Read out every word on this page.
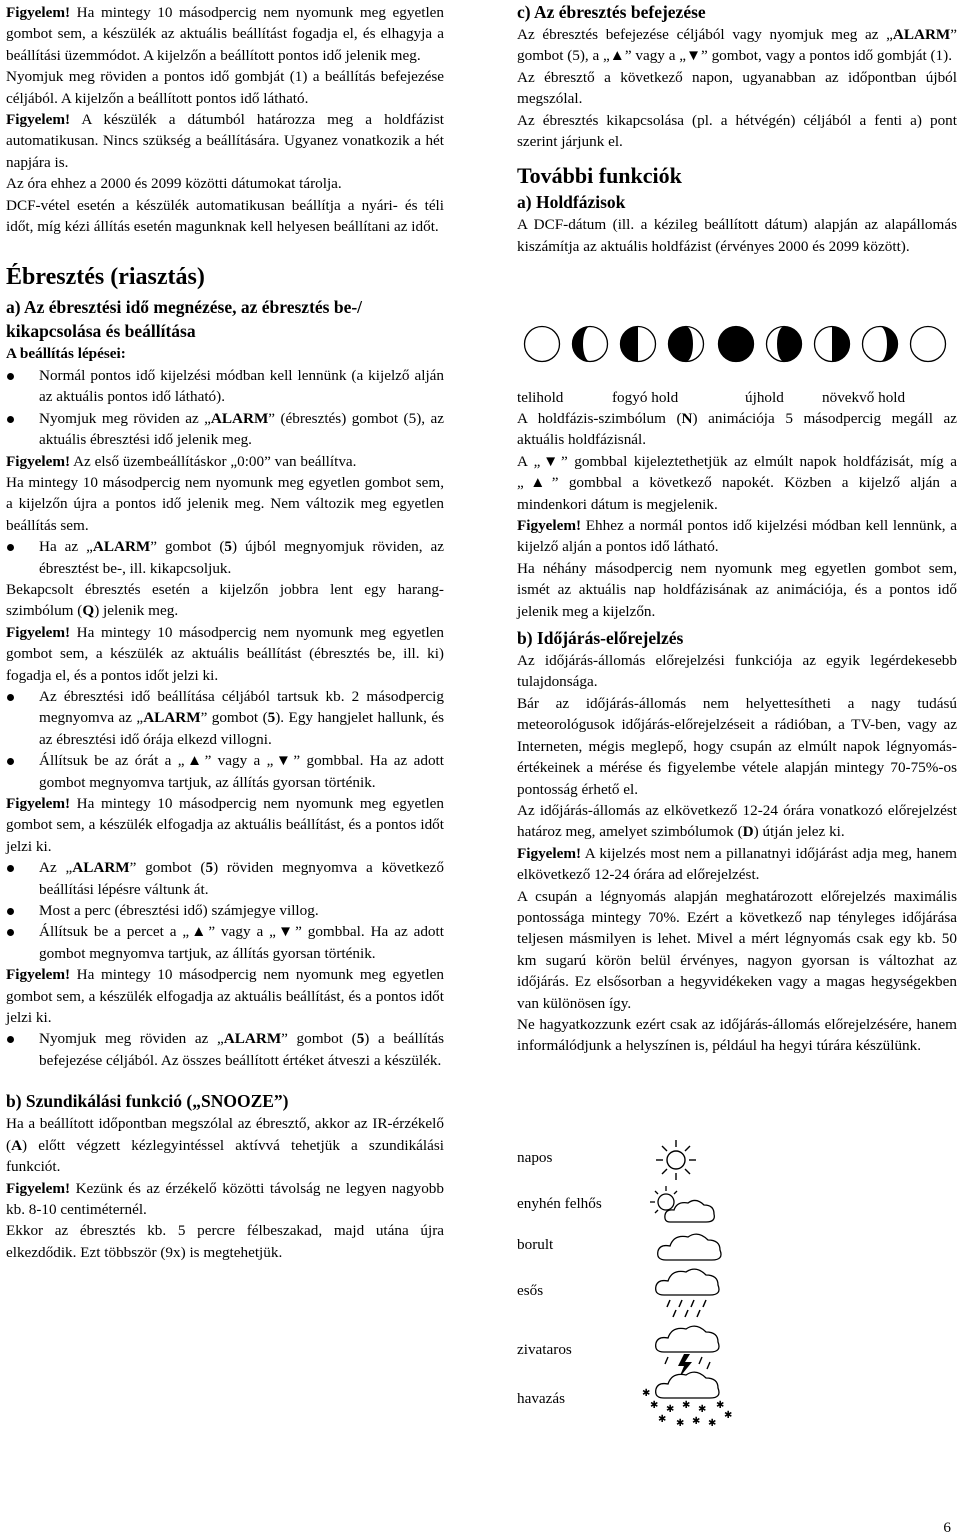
Figyelem! Ha mintegy 10 másodpercig nem nyomunk meg egyetlen gombot sem, a készülék az aktuális beállítást fogadja el, és elhagyja a beállítási üzemmódot. A kijelzőn a beállított pontos idő jelenik meg.

Nyomjuk meg röviden a pontos idő gombját (1) a beállítás befejezése céljából. A kijelzőn a beállított pontos idő látható.

Figyelem! A készülék a dátumból határozza meg a holdfázist automatikusan. Nincs szükség a beállítására. Ugyanez vonatkozik a hét napjára is.

Az óra ehhez a 2000 és 2099 közötti dátumokat tárolja.

DCF-vétel esetén a készülék automatikusan beállítja a nyári- és téli időt, míg kézi állítás esetén magunknak kell helyesen beállítani az időt.

Ébresztés (riasztás)
a) Az ébresztési idő megnézése, az ébresztés be-/ kikapcsolása és beállítása

A beállítás lépései:

Normál pontos idő kijelzési módban kell lennünk (a kijelző alján az aktuális pontos idő látható).
Nyomjuk meg röviden az „ALARM” (ébresztés) gombot (5), az aktuális ébresztési idő jelenik meg.

Figyelem! Az első üzembeállításkor „0:00” van beállítva.

Ha mintegy 10 másodpercig nem nyomunk meg egyetlen gombot sem, a kijelzőn újra a pontos idő jelenik meg. Nem változik meg egyetlen beállítás sem.

Ha az „ALARM” gombot (5) újból megnyomjuk röviden, az ébresztést be-, ill. kikapcsoljuk.

Bekapcsolt ébresztés esetén a kijelzőn jobbra lent egy harang-szimbólum (Q) jelenik meg.

Figyelem! Ha mintegy 10 másodpercig nem nyomunk meg egyetlen gombot sem, a készülék az aktuális beállítást (ébresztés be, ill. ki) fogadja el, és a pontos időt jelzi ki.

Az ébresztési idő beállítása céljából tartsuk kb. 2 másodpercig megnyomva az „ALARM” gombot (5). Egy hangjelet hallunk, és az ébresztési idő órája elkezd villogni.
Állítsuk be az órát a „▲” vagy a „▼” gombbal. Ha az adott gombot megnyomva tartjuk, az állítás gyorsan történik.

Figyelem! Ha mintegy 10 másodpercig nem nyomunk meg egyetlen gombot sem, a készülék elfogadja az aktuális beállítást, és a pontos időt jelzi ki.

Az „ALARM” gombot (5) röviden megnyomva a következő beállítási lépésre váltunk át.
Most a perc (ébresztési idő) számjegye villog.
Állítsuk be a percet a „▲” vagy a „▼” gombbal. Ha az adott gombot megnyomva tartjuk, az állítás gyorsan történik.

Figyelem! Ha mintegy 10 másodpercig nem nyomunk meg egyetlen gombot sem, a készülék elfogadja az aktuális beállítást, és a pontos időt jelzi ki.

Nyomjuk meg röviden az „ALARM” gombot (5) a beállítás befejezése céljából. Az összes beállított értéket átveszi a készülék.
b) Szundikálási funkció („SNOOZE”)

Ha a beállított időpontban megszólal az ébresztő, akkor az IR-érzékelő (A) előtt végzett kézlegyintéssel aktívvá tehetjük a szundikálási funkciót.

Figyelem! Kezünk és az érzékelő közötti távolság ne legyen nagyobb kb. 8-10 centiméternél.

Ekkor az ébresztés kb. 5 percre félbeszakad, majd utána újra elkezdődik. Ezt többször (9x) is megtehetjük.

c) Az ébresztés befejezése

Az ébresztés befejezése céljából vagy nyomjuk meg az „ALARM” gombot (5), a „▲” vagy a „▼” gombot, vagy a pontos idő gombját (1).

Az ébresztő a következő napon, ugyanabban az időpontban újból megszólal.

Az ébresztés kikapcsolása (pl. a hétvégén) céljából a fenti a) pont szerint járjunk el.

További funkciók
a) Holdfázisok

A DCF-dátum (ill. a kézileg beállított dátum) alapján az alapállomás kiszámítja az aktuális holdfázist (érvényes 2000 és 2099 között).

telihold	fogyó hold	újhold	növekvő hold

A holdfázis-szimbólum (N) animációja 5 másodpercig megáll az aktuális holdfázisnál.

A „▼” gombbal kijeleztethetjük az elmúlt napok holdfázisát, míg a „▲” gombbal a következő napokét. Közben a kijelző alján a mindenkori dátum is megjelenik.

Figyelem! Ehhez a normál pontos idő kijelzési módban kell lennünk, a kijelző alján a pontos idő látható.

Ha néhány másodpercig nem nyomunk meg egyetlen gombot sem, ismét az aktuális nap holdfázisának az animációja, és a pontos idő jelenik meg a kijelzőn.

b) Időjárás-előrejelzés

Az időjárás-állomás előrejelzési funkciója az egyik legérdekesebb tulajdonsága.

Bár az időjárás-állomás nem helyettesítheti a nagy tudású meteorológusok időjárás-előrejelzéseit a rádióban, a TV-ben, vagy az Interneten, mégis meglepő, hogy csupán az elmúlt napok légnyomás-értékeinek a mérése és figyelembe vétele alapján mintegy 70-75%-os pontosság érhető el.

Az időjárás-állomás az elkövetkező 12-24 órára vonatkozó előrejelzést határoz meg, amelyet szimbólumok (D) útján jelez ki.

Figyelem! A kijelzés most nem a pillanatnyi időjárást adja meg, hanem elkövetkező 12-24 órára ad előrejelzést.

A csupán a légnyomás alapján meghatározott előrejelzés maximális pontossága mintegy 70%. Ezért a következő nap tényleges időjárása teljesen másmilyen is lehet. Mivel a mért légnyomás csak egy kb. 50 km sugarú körön belül érvényes, nagyon gyorsan is változhat az időjárás. Ez elsősorban a hegyvidékeken vagy a magas hegységekben van különösen így.

Ne hagyatkozzunk ezért csak az időjárás-állomás előrejelzésére, hanem informálódjunk a helyszínen is, például ha hegyi túrára készülünk.

napos
enyhén felhős
borult
esős
zivataros
havazás	✱
✱ ✱ ✱ ✱ ✱
✱ ✱ ✱ ✱
✱
6
